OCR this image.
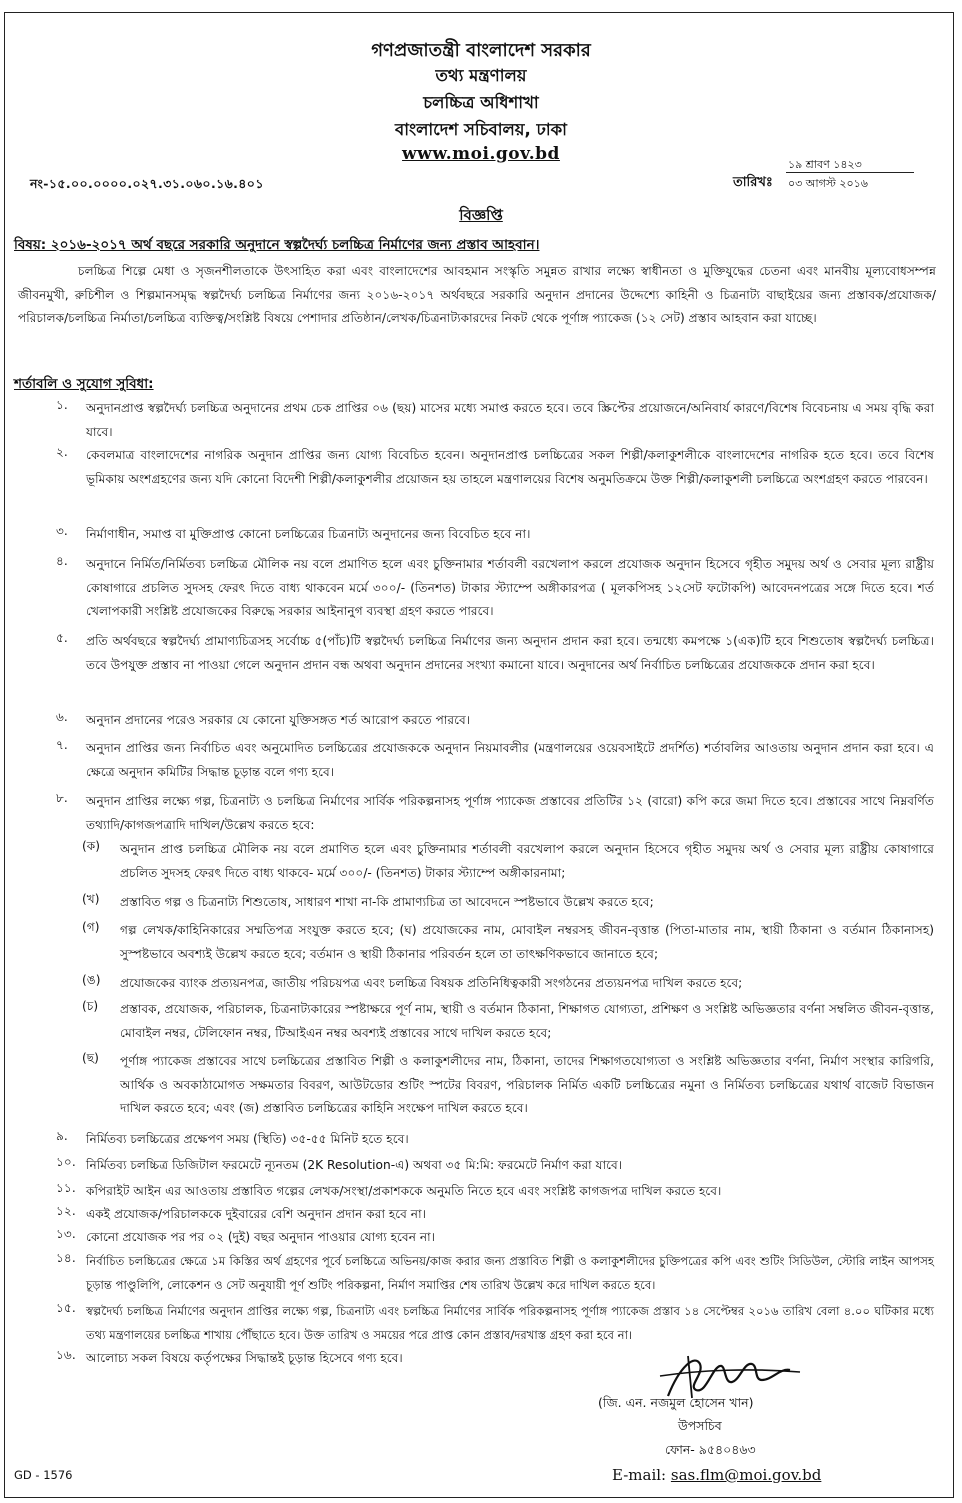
গণপ্রজাতন্ত্রী বাংলাদেশ সরকার
তথ্য মন্ত্রণালয়
চলচ্চিত্র অধিশাখা
বাংলাদেশ সচিবালয়, ঢাকা
www.moi.gov.bd
নং-১৫.০০.০০০০.০২৭.৩১.০৬০.১৬.৪০১	তারিখঃ
১৯ শ্রাবণ ১৪২৩
০৩ আগস্ট ২০১৬
বিজ্ঞপ্তি
বিষয়: ২০১৬-২০১৭ অর্থ বছরে সরকারি অনুদানে স্বল্পদৈর্ঘ্য চলচ্চিত্র নির্মাণের জন্য প্রস্তাব আহবান।
চলচ্চিত্র শিল্পে মেধা ও সৃজনশীলতাকে উৎসাহিত করা এবং বাংলাদেশের আবহমান সংস্কৃতি সমুন্নত রাখার লক্ষ্যে স্বাধীনতা ও মুক্তিযুদ্ধের চেতনা এবং মানবীয় মূল্যবোধসম্পন্ন জীবনমুখী, রুচিশীল ও শিল্পমানসমৃদ্ধ স্বল্পদৈর্ঘ্য চলচ্চিত্র নির্মাণের জন্য ২০১৬-২০১৭ অর্থবছরে সরকারি অনুদান প্রদানের উদ্দেশ্যে কাহিনী ও চিত্রনাট্য বাছাইয়ের জন্য প্রস্তাবক/প্রযোজক/পরিচালক/চলচ্চিত্র নির্মাতা/চলচ্চিত্র ব্যক্তিত্ব/সংশ্লিষ্ট বিষয়ে পেশাদার প্রতিষ্ঠান/লেখক/চিত্রনাট্যকারদের নিকট থেকে পূর্ণাঙ্গ প্যাকেজ (১২ সেট) প্রস্তাব আহবান করা যাচ্ছে।
শর্তাবলি ও সুযোগ সুবিধা:
১. অনুদানপ্রাপ্ত স্বল্পদৈর্ঘ্য চলচ্চিত্র অনুদানের প্রথম চেক প্রাপ্তির ০৬ (ছয়) মাসের মধ্যে সমাপ্ত করতে হবে। তবে স্ক্রিপ্টের প্রয়োজনে/অনিবার্য কারণে/বিশেষ বিবেচনায় এ সময় বৃদ্ধি করা যাবে।
২. কেবলমাত্র বাংলাদেশের নাগরিক অনুদান প্রাপ্তির জন্য যোগ্য বিবেচিত হবেন। অনুদানপ্রাপ্ত চলচ্চিত্রের সকল শিল্পী/কলাকুশলীকে বাংলাদেশের নাগরিক হতে হবে। তবে বিশেষ ভূমিকায় অংশগ্রহণের জন্য যদি কোনো বিদেশী শিল্পী/কলাকুশলীর প্রয়োজন হয় তাহলে মন্ত্রণালয়ের বিশেষ অনুমতিক্রমে উক্ত শিল্পী/কলাকুশলী চলচ্চিত্রে অংশগ্রহণ করতে পারবেন।
৩. নির্মাণাধীন, সমাপ্ত বা মুক্তিপ্রাপ্ত কোনো চলচ্চিত্রের চিত্রনাট্য অনুদানের জন্য বিবেচিত হবে না।
৪. অনুদানে নির্মিত/নির্মিতব্য চলচ্চিত্র মৌলিক নয় বলে প্রমাণিত হলে এবং চুক্তিনামার শর্তাবলী বরখেলাপ করলে প্রযোজক অনুদান হিসেবে গৃহীত সমুদয় অর্থ ও সেবার মূল্য রাষ্ট্রীয় কোষাগারে প্রচলিত সুদসহ ফেরৎ দিতে বাধ্য থাকবেন মর্মে ৩০০/- (তিনশত) টাকার স্ট্যাম্পে অঙ্গীকারপত্র ( মূলকপিসহ ১২সেট ফটোকপি) আবেদনপত্রের সঙ্গে দিতে হবে। শর্ত খেলাপকারী সংশ্লিষ্ট প্রযোজকের বিরুদ্ধে সরকার আইনানুগ ব্যবস্থা গ্রহণ করতে পারবে।
৫. প্রতি অর্থবছরে স্বল্পদৈর্ঘ্য প্রামাণ্যচিত্রসহ সর্বোচ্চ ৫(পাঁচ)টি স্বল্পদৈর্ঘ্য চলচ্চিত্র নির্মাণের জন্য অনুদান প্রদান করা হবে। তন্মধ্যে কমপক্ষে ১(এক)টি হবে শিশুতোষ স্বল্পদৈর্ঘ্য চলচ্চিত্র। তবে উপযুক্ত প্রস্তাব না পাওয়া গেলে অনুদান প্রদান বন্ধ অথবা অনুদান প্রদানের সংখ্যা কমানো যাবে। অনুদানের অর্থ নির্বাচিত চলচ্চিত্রের প্রযোজককে প্রদান করা হবে।
৬. অনুদান প্রদানের পরেও সরকার যে কোনো যুক্তিসঙ্গত শর্ত আরোপ করতে পারবে।
৭. অনুদান প্রাপ্তির জন্য নির্বাচিত এবং অনুমোদিত চলচ্চিত্রের প্রযোজককে অনুদান নিয়মাবলীর (মন্ত্রণালয়ের ওয়েবসাইটে প্রদর্শিত) শর্তাবলির আওতায় অনুদান প্রদান করা হবে। এ ক্ষেত্রে অনুদান কমিটির সিদ্ধান্ত চূড়ান্ত বলে গণ্য হবে।
৮. অনুদান প্রাপ্তির লক্ষ্যে গল্প, চিত্রনাট্য ও চলচ্চিত্র নির্মাণের সার্বিক পরিকল্পনাসহ পূর্ণাঙ্গ প্যাকেজ প্রস্তাবের প্রতিটির ১২ (বারো) কপি করে জমা দিতে হবে। প্রস্তাবের সাথে নিম্নবর্ণিত তথ্যাদি/কাগজপত্রাদি দাখিল/উল্লেখ করতে হবে:
(ক) অনুদান প্রাপ্ত চলচ্চিত্র মৌলিক নয় বলে প্রমাণিত হলে এবং চুক্তিনামার শর্তাবলী বরখেলাপ করলে অনুদান হিসেবে গৃহীত সমুদয় অর্থ ও সেবার মূল্য রাষ্ট্রীয় কোষাগারে প্রচলিত সুদসহ ফেরৎ দিতে বাধ্য থাকবে- মর্মে ৩০০/- (তিনশত) টাকার স্ট্যাম্পে অঙ্গীকারনামা;
(খ) প্রস্তাবিত গল্প ও চিত্রনাট্য শিশুতোষ, সাধারণ শাখা না-কি প্রামাণ্যচিত্র তা আবেদনে স্পষ্টভাবে উল্লেখ করতে হবে;
(গ) গল্প লেখক/কাহিনিকারের সম্মতিপত্র সংযুক্ত করতে হবে; (ঘ) প্রযোজকের নাম, মোবাইল নম্বরসহ জীবন-বৃত্তান্ত (পিতা-মাতার নাম, স্থায়ী ঠিকানা ও বর্তমান ঠিকানাসহ) সুস্পষ্টভাবে অবশ্যই উল্লেখ করতে হবে; বর্তমান ও স্থায়ী ঠিকানার পরিবর্তন হলে তা তাৎক্ষণিকভাবে জানাতে হবে;
(ঙ) প্রযোজকের ব্যাংক প্রত্যয়নপত্র, জাতীয় পরিচয়পত্র এবং চলচ্চিত্র বিষয়ক প্রতিনিধিত্বকারী সংগঠনের প্রত্যয়নপত্র দাখিল করতে হবে;
(চ) প্রস্তাবক, প্রযোজক, পরিচালক, চিত্রনাট্যকারের স্পষ্টাক্ষরে পূর্ণ নাম, স্থায়ী ও বর্তমান ঠিকানা, শিক্ষাগত যোগ্যতা, প্রশিক্ষণ ও সংশ্লিষ্ট অভিজ্ঞতার বর্ণনা সম্বলিত জীবন-বৃত্তান্ত, মোবাইল নম্বর, টেলিফোন নম্বর, টিআইএন নম্বর অবশ্যই প্রস্তাবের সাথে দাখিল করতে হবে;
(ছ) পূর্ণাঙ্গ প্যাকেজ প্রস্তাবের সাথে চলচ্চিত্রের প্রস্তাবিত শিল্পী ও কলাকুশলীদের নাম, ঠিকানা, তাদের শিক্ষাগতযোগ্যতা ও সংশ্লিষ্ট অভিজ্ঞতার বর্ণনা, নির্মাণ সংস্থার কারিগরি, আর্থিক ও অবকাঠামোগত সক্ষমতার বিবরণ, আউটডোর শুটিং স্পটের বিবরণ, পরিচালক নির্মিত একটি চলচ্চিত্রের নমুনা ও নির্মিতব্য চলচ্চিত্রের যথার্থ বাজেট বিভাজন দাখিল করতে হবে; এবং (জ) প্রস্তাবিত চলচ্চিত্রের কাহিনি সংক্ষেপ দাখিল করতে হবে।
৯. নির্মিতব্য চলচ্চিত্রের প্রক্ষেপণ সময় (স্থিতি) ৩৫-৫৫ মিনিট হতে হবে।
১০. নির্মিতব্য চলচ্চিত্র ডিজিটাল ফরমেটে ন্যূনতম (2K Resolution-এ) অথবা ৩৫ মি:মি: ফরমেটে নির্মাণ করা যাবে।
১১. কপিরাইট আইন এর আওতায় প্রস্তাবিত গল্পের লেখক/সংস্থা/প্রকাশককে অনুমতি নিতে হবে এবং সংশ্লিষ্ট কাগজপত্র দাখিল করতে হবে।
১২. একই প্রযোজক/পরিচালককে দুইবারের বেশি অনুদান প্রদান করা হবে না।
১৩. কোনো প্রযোজক পর পর ০২ (দুই) বছর অনুদান পাওয়ার যোগ্য হবেন না।
১৪. নির্বাচিত চলচ্চিত্রের ক্ষেত্রে ১ম কিস্তির অর্থ গ্রহণের পূর্বে চলচ্চিত্রে অভিনয়/কাজ করার জন্য প্রস্তাবিত শিল্পী ও কলাকুশলীদের চুক্তিপত্রের কপি এবং শুটিং সিডিউল, স্টোরি লাইন আপসহ চূড়ান্ত পাণ্ডুলিপি, লোকেশন ও সেট অনুযায়ী পূর্ণ শুটিং পরিকল্পনা, নির্মাণ সমাপ্তির শেষ তারিখ উল্লেখ করে দাখিল করতে হবে।
১৫. স্বল্পদৈর্ঘ্য চলচ্চিত্র নির্মাণের অনুদান প্রাপ্তির লক্ষ্যে গল্প, চিত্রনাট্য এবং চলচ্চিত্র নির্মাণের সার্বিক পরিকল্পনাসহ পূর্ণাঙ্গ প্যাকেজ প্রস্তাব ১৪ সেপ্টেম্বর ২০১৬ তারিখ বেলা ৪.০০ ঘটিকার মধ্যে তথ্য মন্ত্রণালয়ের চলচ্চিত্র শাখায় পৌঁছাতে হবে। উক্ত তারিখ ও সময়ের পরে প্রাপ্ত কোন প্রস্তাব/দরখাস্ত গ্রহণ করা হবে না।
১৬. আলোচ্য সকল বিষয়ে কর্তৃপক্ষের সিদ্ধান্তই চূড়ান্ত হিসেবে গণ্য হবে।
(জি. এন. নজমুল হোসেন খান)
উপসচিব
ফোন- ৯৫৪০৪৬৩
GD - 1576	E-mail: sas.flm@moi.gov.bd
